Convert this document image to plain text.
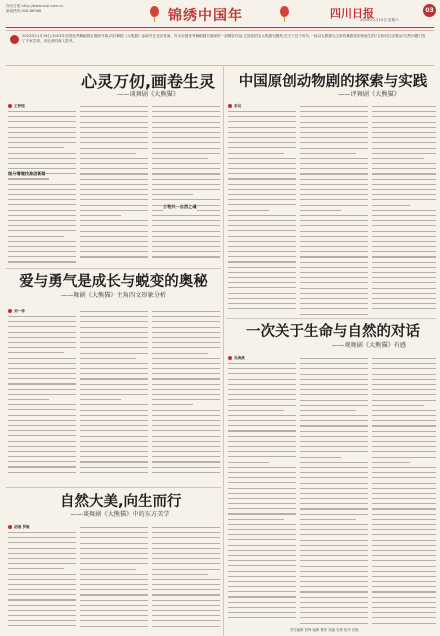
四川日报 http://www.scol.com.cn
新闻热线:028-86968	锦绣中国年	四川日报	03
2024年2月10日 星期六
2023年11月16日,2023年全国优秀舞蹈剧目展演开幕,四川舞剧《大熊猫》参演并在北京首演。作为全国优秀舞蹈剧目展演的一部精彩作品,它选取国宝大熊猫为题材,在当下这个时代,一场以大熊猫为主角的舞剧是如何诞生的?又如何打动观众?这些问题引发了专家学者、评论者的深入思考。
心灵万仞,画卷生灵
——谈舞剧《大熊猫》
王梦瑶
细分情境找准创新路
万物共一自然之魂
中国原创动物剧的探索与实践
——评舞剧《大熊猫》
李吴
爱与勇气是成长与蜕变的奥秘
——舞剧《大熊猫》主角四文形象分析
刘一菲
一次关于生命与自然的对话
——观舞剧《大熊猫》有感
吴海燕
自然大美,向生而行
——谈舞剧《大熊猫》中的东方美学
胡清 罗敏
责任编辑 张锋 编辑 曹萍 美编 吴博 校对 田航
